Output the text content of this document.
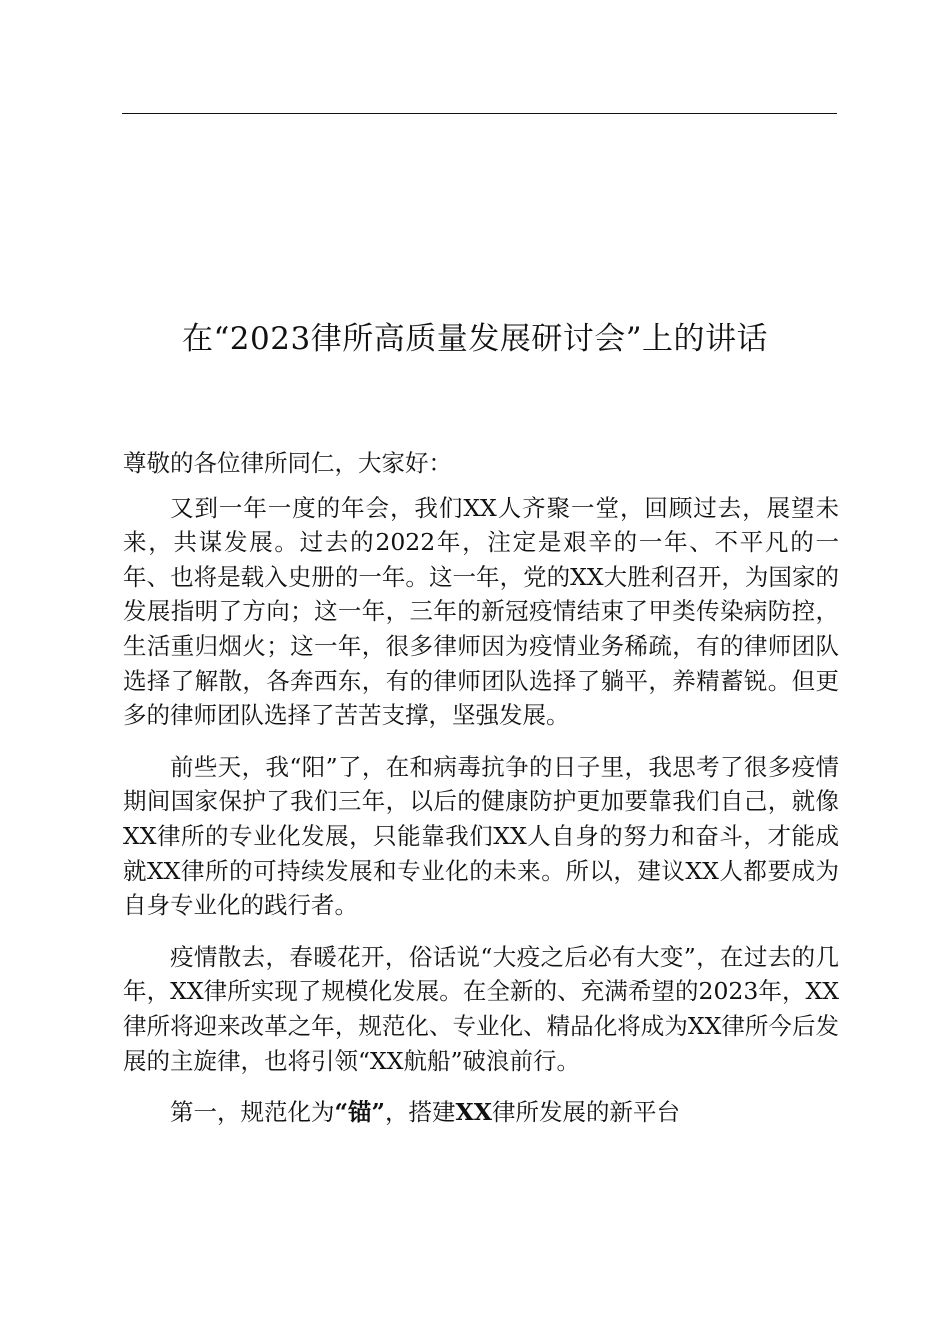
在“2023律所高质量发展研讨会”上的讲话

尊敬的各位律所同仁，大家好：

又到一年一度的年会，我们XX人齐聚一堂，回顾过去，展望未来，共谋发展。过去的2022年，注定是艰辛的一年、不平凡的一年、也将是载入史册的一年。这一年，党的XX大胜利召开，为国家的发展指明了方向；这一年，三年的新冠疫情结束了甲类传染病防控，生活重归烟火；这一年，很多律师因为疫情业务稀疏，有的律师团队选择了解散，各奔西东，有的律师团队选择了躺平，养精蓄锐。但更多的律师团队选择了苦苦支撑，坚强发展。

前些天，我“阳”了，在和病毒抗争的日子里，我思考了很多疫情期间国家保护了我们三年，以后的健康防护更加要靠我们自己，就像XX律所的专业化发展，只能靠我们XX人自身的努力和奋斗，才能成就XX律所的可持续发展和专业化的未来。所以，建议XX人都要成为自身专业化的践行者。

疫情散去，春暖花开，俗话说“大疫之后必有大变”，在过去的几年，XX律所实现了规模化发展。在全新的、充满希望的2023年，XX律所将迎来改革之年，规范化、专业化、精品化将成为XX律所今后发展的主旋律，也将引领“XX航船”破浪前行。

第一，规范化为“锚”，搭建XX律所发展的新平台
